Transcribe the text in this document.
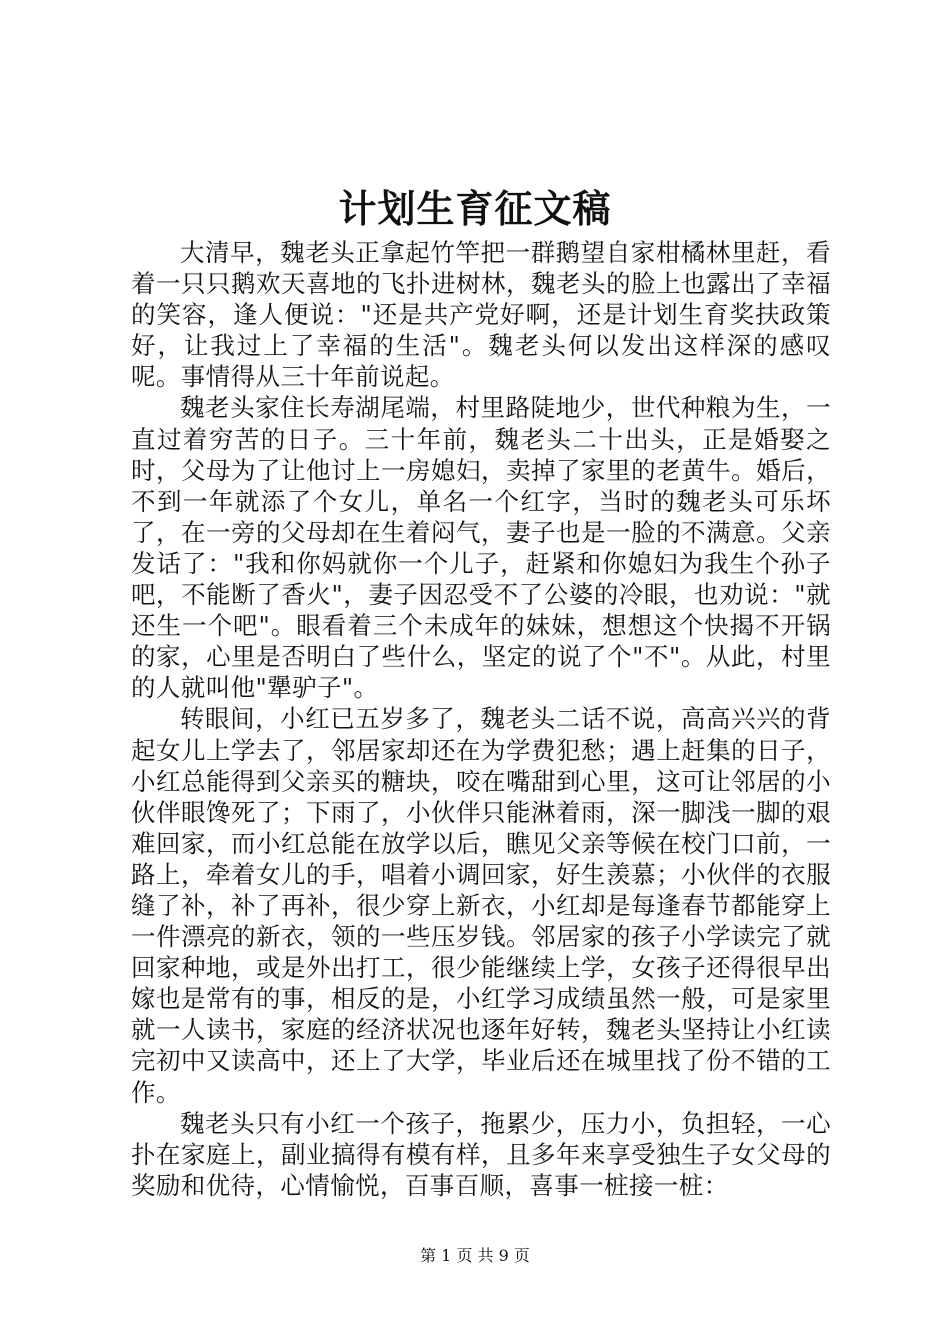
计划生育征文稿

大清早，魏老头正拿起竹竿把一群鹅望自家柑橘林里赶，看着一只只鹅欢天喜地的飞扑进树林，魏老头的脸上也露出了幸福的笑容，逢人便说："还是共产党好啊，还是计划生育奖扶政策好，让我过上了幸福的生活"。魏老头何以发出这样深的感叹呢。事情得从三十年前说起。

魏老头家住长寿湖尾端，村里路陡地少，世代种粮为生，一直过着穷苦的日子。三十年前，魏老头二十出头，正是婚娶之时，父母为了让他讨上一房媳妇，卖掉了家里的老黄牛。婚后，不到一年就添了个女儿，单名一个红字，当时的魏老头可乐坏了，在一旁的父母却在生着闷气，妻子也是一脸的不满意。父亲发话了："我和你妈就你一个儿子，赶紧和你媳妇为我生个孙子吧，不能断了香火"，妻子因忍受不了公婆的冷眼，也劝说："就还生一个吧"。眼看着三个未成年的妹妹，想想这个快揭不开锅的家，心里是否明白了些什么，坚定的说了个"不"。从此，村里的人就叫他"犟驴子"。

转眼间，小红已五岁多了，魏老头二话不说，高高兴兴的背起女儿上学去了，邻居家却还在为学费犯愁；遇上赶集的日子，小红总能得到父亲买的糖块，咬在嘴甜到心里，这可让邻居的小伙伴眼馋死了；下雨了，小伙伴只能淋着雨，深一脚浅一脚的艰难回家，而小红总能在放学以后，瞧见父亲等候在校门口前，一路上，牵着女儿的手，唱着小调回家，好生羡慕；小伙伴的衣服缝了补，补了再补，很少穿上新衣，小红却是每逢春节都能穿上一件漂亮的新衣，领的一些压岁钱。邻居家的孩子小学读完了就回家种地，或是外出打工，很少能继续上学，女孩子还得很早出嫁也是常有的事，相反的是，小红学习成绩虽然一般，可是家里就一人读书，家庭的经济状况也逐年好转，魏老头坚持让小红读完初中又读高中，还上了大学，毕业后还在城里找了份不错的工作。

魏老头只有小红一个孩子，拖累少，压力小，负担轻，一心扑在家庭上，副业搞得有模有样，且多年来享受独生子女父母的奖励和优待，心情愉悦，百事百顺，喜事一桩接一桩：

第 1 页 共 9 页
